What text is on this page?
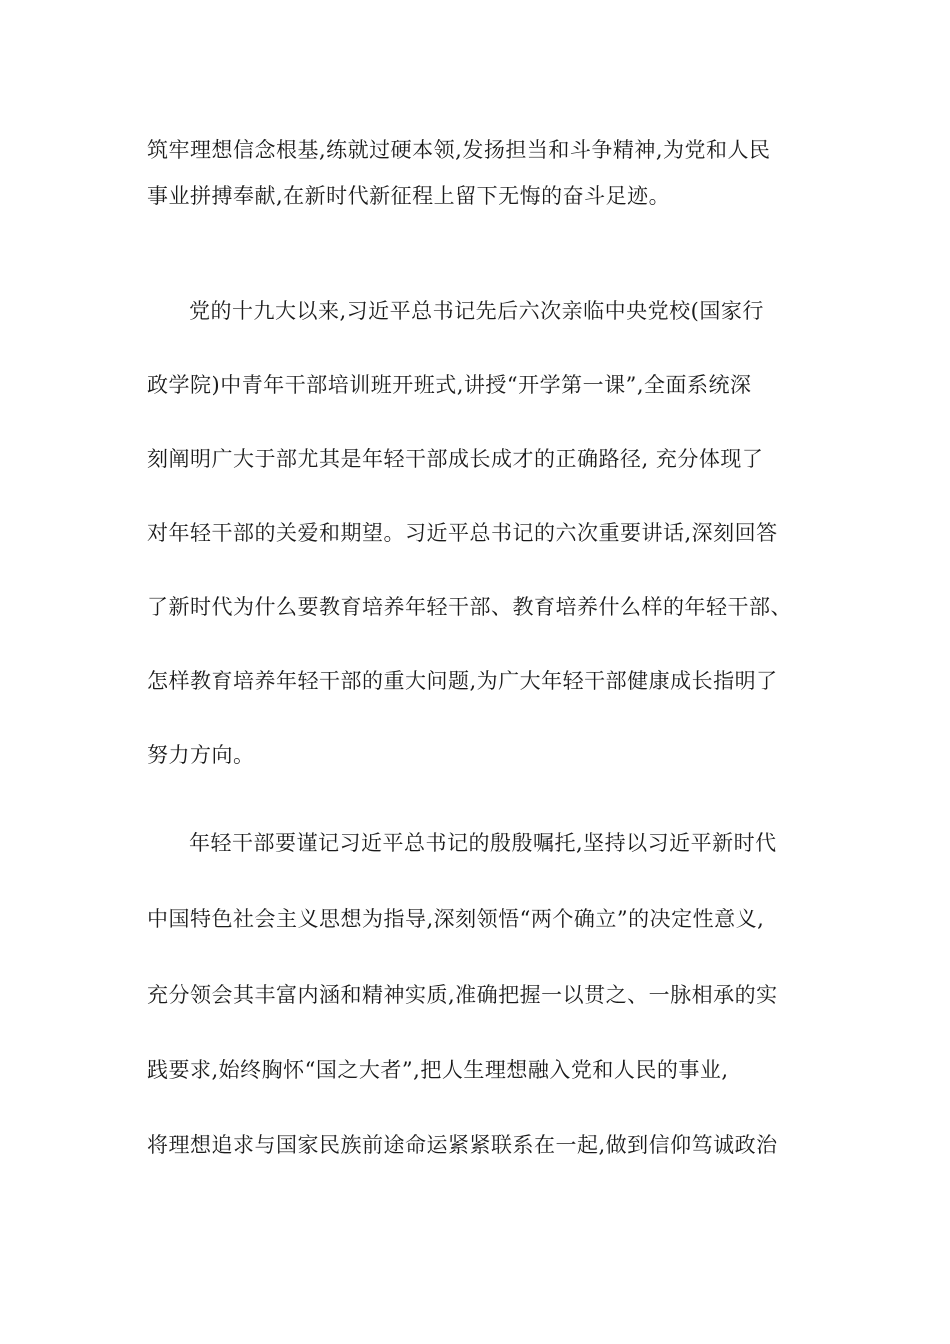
筑牢理想信念根基,练就过硬本领,发扬担当和斗争精神,为党和人民
事业拼搏奉献,在新时代新征程上留下无悔的奋斗足迹。
党的十九大以来,习近平总书记先后六次亲临中央党校(国家行
政学院)中青年干部培训班开班式,讲授“开学第一课”,全面系统深
刻阐明广大于部尤其是年轻干部成长成才的正确路径, 充分体现了
对年轻干部的关爱和期望。习近平总书记的六次重要讲话,深刻回答
了新时代为什么要教育培养年轻干部、教育培养什么样的年轻干部、
怎样教育培养年轻干部的重大问题,为广大年轻干部健康成长指明了
努力方向。
年轻干部要谨记习近平总书记的殷殷嘱托,坚持以习近平新时代
中国特色社会主义思想为指导,深刻领悟“两个确立”的决定性意义,
充分领会其丰富内涵和精神实质,准确把握一以贯之、一脉相承的实
践要求,始终胸怀“国之大者”,把人生理想融入党和人民的事业,
将理想追求与国家民族前途命运紧紧联系在一起,做到信仰笃诚政治
